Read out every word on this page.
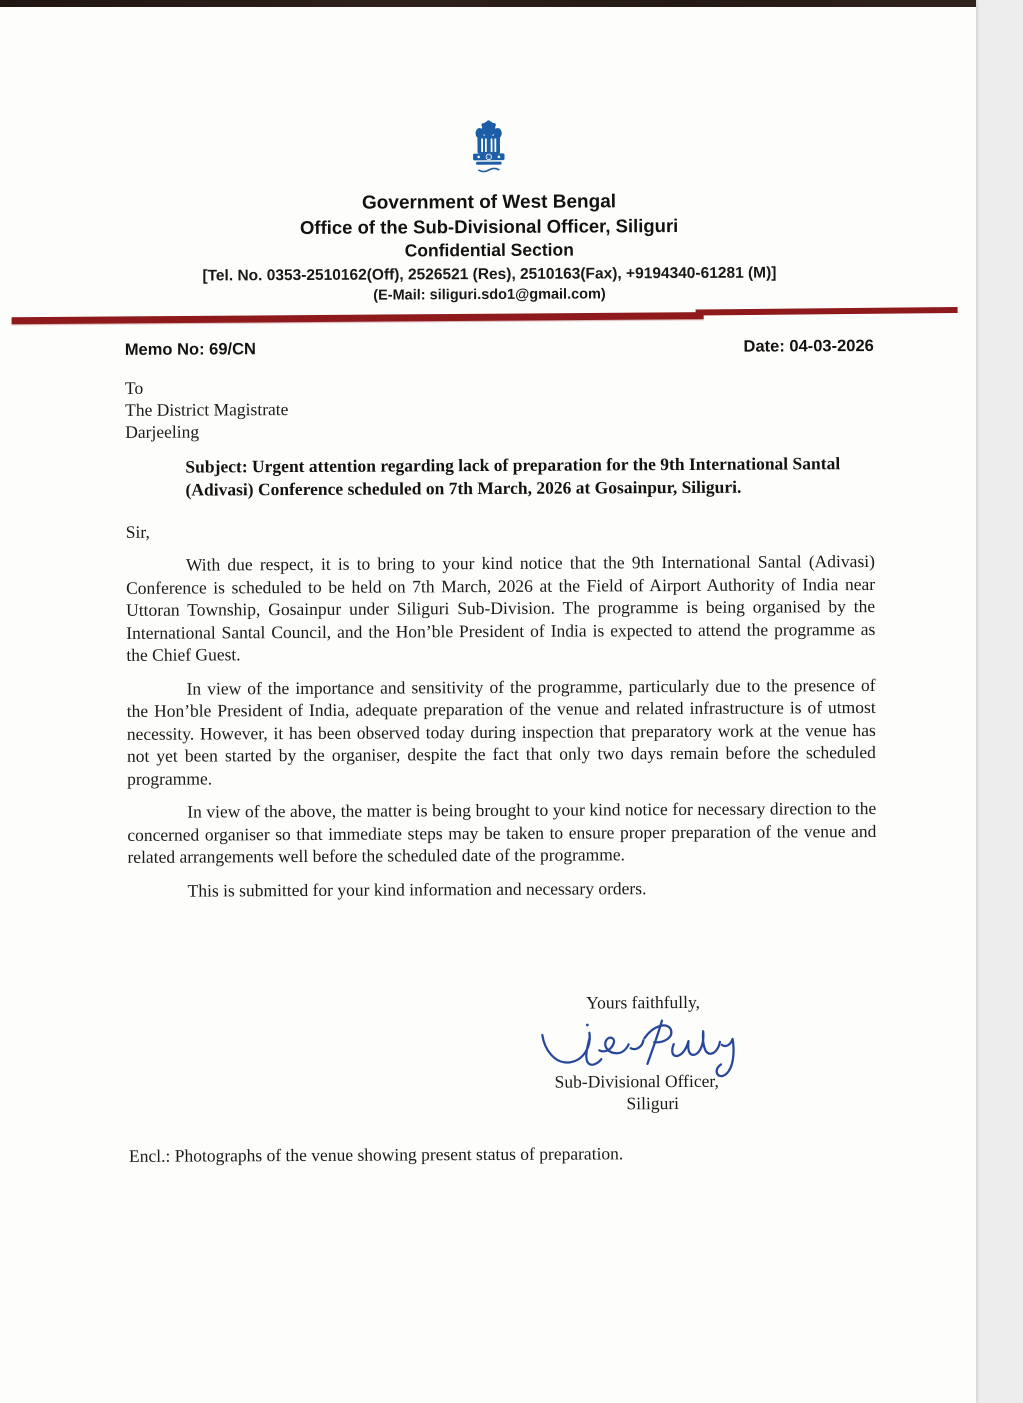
Government of West Bengal
Office of the Sub-Divisional Officer, Siliguri
Confidential Section
[Tel. No. 0353-2510162(Off), 2526521 (Res), 2510163(Fax), +9194340-61281 (M)]
(E-Mail: siliguri.sdo1@gmail.com)
Memo No: 69/CN	Date: 04-03-2026
To
The District Magistrate
Darjeeling
Subject: Urgent attention regarding lack of preparation for the 9th International Santal (Adivasi) Conference scheduled on 7th March, 2026 at Gosainpur, Siliguri.
Sir,

With due respect, it is to bring to your kind notice that the 9th International Santal (Adivasi) Conference is scheduled to be held on 7th March, 2026 at the Field of Airport Authority of India near Uttoran Township, Gosainpur under Siliguri Sub-Division. The programme is being organised by the International Santal Council, and the Hon’ble President of India is expected to attend the programme as the Chief Guest.

In view of the importance and sensitivity of the programme, particularly due to the presence of the Hon’ble President of India, adequate preparation of the venue and related infrastructure is of utmost necessity. However, it has been observed today during inspection that preparatory work at the venue has not yet been started by the organiser, despite the fact that only two days remain before the scheduled programme.

In view of the above, the matter is being brought to your kind notice for necessary direction to the concerned organiser so that immediate steps may be taken to ensure proper preparation of the venue and related arrangements well before the scheduled date of the programme.

This is submitted for your kind information and necessary orders.

Yours faithfully,
Sub-Divisional Officer,
Siliguri
Encl.: Photographs of the venue showing present status of preparation.
